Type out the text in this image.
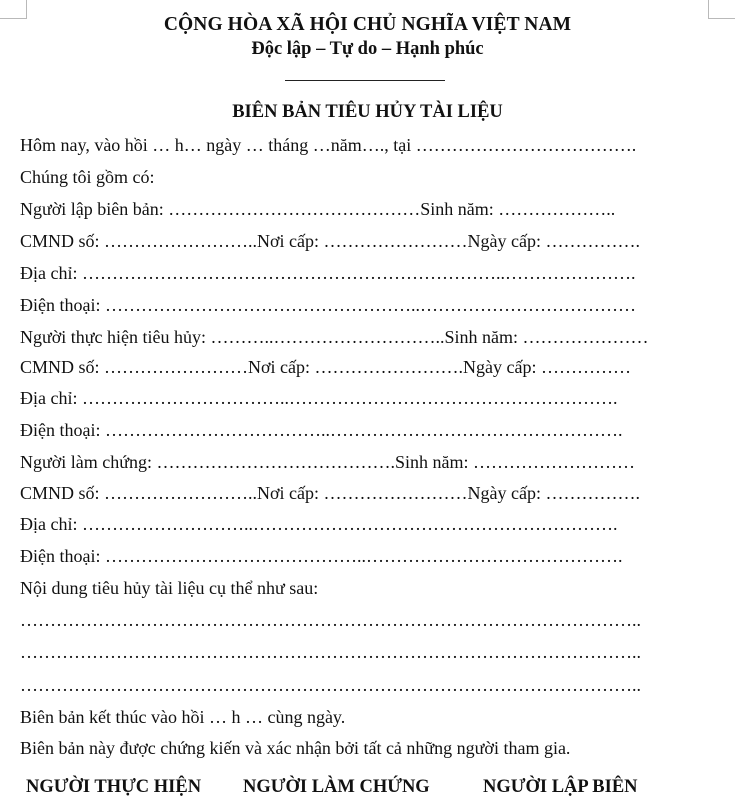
CỘNG HÒA XÃ HỘI CHỦ NGHĨA VIỆT NAM
Độc lập – Tự do – Hạnh phúc
BIÊN BẢN TIÊU HỦY TÀI LIỆU
Hôm nay, vào hồi … h… ngày … tháng …năm…., tại ……………………………….
Chúng tôi gồm có:
Người lập biên bản: ……………………………………Sinh năm: ………………..
CMND số: ……………………..Nơi cấp: ……………………Ngày cấp: …………….
Địa chỉ: ……………………………………………………………..………………….
Điện thoại: ……………………………………………..………………………………
Người thực hiện tiêu hủy: ………..………………………..Sinh năm: …………………
CMND số: ……………………Nơi cấp: …………………….Ngày cấp: ……………
Địa chỉ: ……………………………..……………………………………………….
Điện thoại: ………………………………..………………………………………….
Người làm chứng: ………………………………….Sinh năm: ………………………
CMND số: ……………………..Nơi cấp: ……………………Ngày cấp: …………….
Địa chỉ: ………………………..…………………………………………………….
Điện thoại: ……………………………………..…………………………………….
Nội dung tiêu hủy tài liệu cụ thể như sau:
…………………………………………………………………………………………..
…………………………………………………………………………………………..
…………………………………………………………………………………………..
Biên bản kết thúc vào hồi … h … cùng ngày.
Biên bản này được chứng kiến và xác nhận bởi tất cả những người tham gia.
NGƯỜI THỰC HIỆN NGƯỜI LÀM CHỨNG	NGƯỜI LẬP BIÊN
